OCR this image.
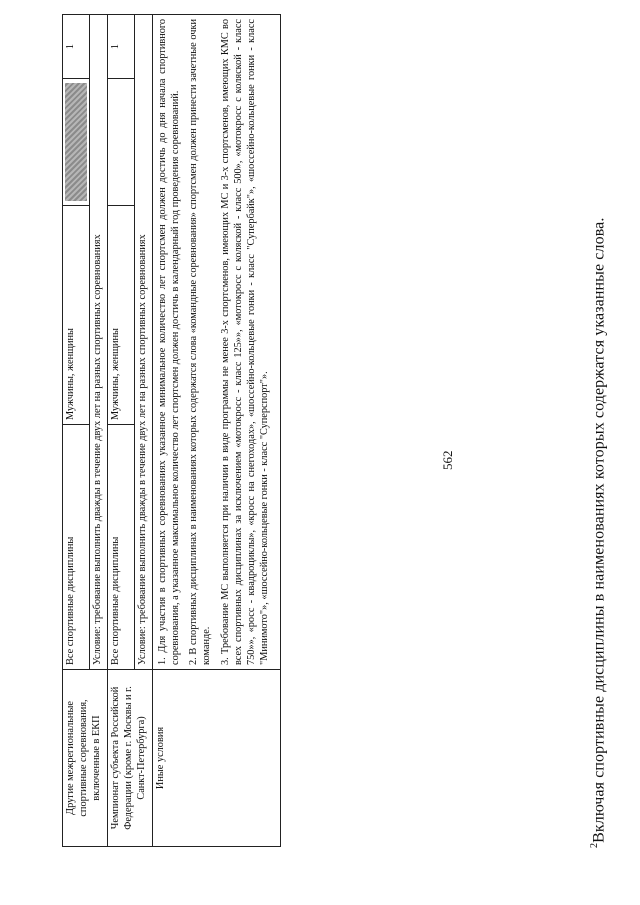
562
Другие межрегиональные спортивные соревнования, включенные в ЕКП	Все спортивные дисциплины	Мужчины, женщины		1
	Условие: требование выполнить дважды в течение двух лет на разных спортивных соревнованиях			
Чемпионат субъекта Российской Федерации (кроме г. Москвы и г. Санкт-Петербурга)	Все спортивные дисциплины	Мужчины, женщины		1
	Условие: требование выполнить дважды в течение двух лет на разных спортивных соревнованиях			
Иные условия	1. Для участия в спортивных соревнованиях указанное минимальное количество лет спортсмен должен достичь до дня начала спортивного соревнования, а указанное максимальное количество лет спортсмен должен достичь в календарный год проведения соревнований. 2. В спортивных дисциплинах в наименованиях которых содержатся слова «командные соревнования» спортсмен должен принести зачетные очки команде. 3. Требование МС выполняется при наличии в виде программы не менее 3-х спортсменов, имеющих МС и 3-х спортсменов, имеющих КМС во всех спортивных дисциплинах за исключением «мотокросс - класс 125»», «мотокросс с коляской - класс 500», «мотокросс с коляской - класс 750»», «росс - квадроциклы», «кросс на снегоходах», «шоссейно-кольцевые гонки - класс "Супербайк"», «шоссейно-кольцевые гонки - класс "Минимото"», «шоссейно-кольцевые гонки - класс "Суперспорт"».			

$^2$Включая спортивные дисциплины в наименованиях которых содержатся указанные слова.
